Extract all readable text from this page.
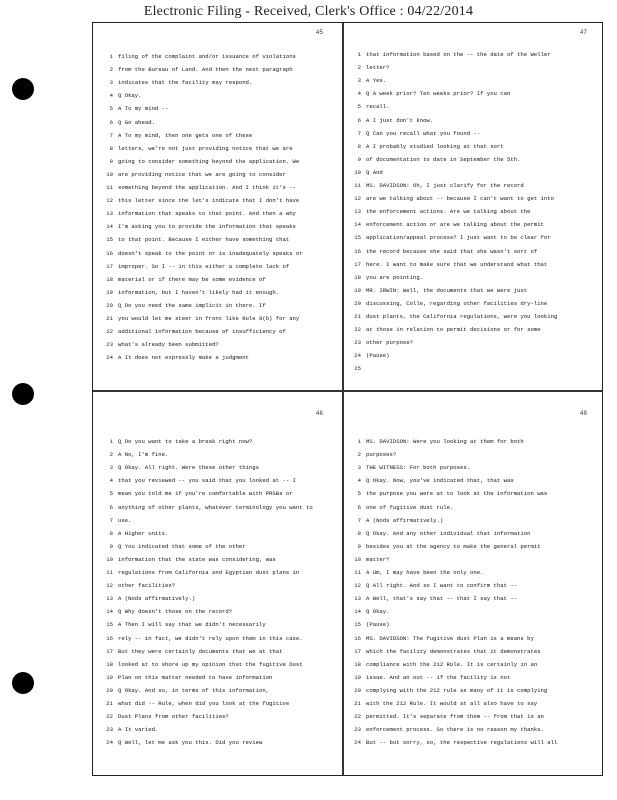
Electronic Filing - Received, Clerk's Office : 04/22/2014
45
1 filing of the complaint and/or issuance of violations
2 from the Bureau of Land. And then the next paragraph
3 indicates that the facility may respond.
4 Q Okay.
5 A To my mind --
6 Q Go ahead.
7 A To my mind, then one gets one of these
8 letters, we're not just providing notice that we are
9 going to consider something beyond the application. We
10 are providing notice that we are going to consider
11 something beyond the application. And I think it's --
12 this letter since the let's indicate that I don't have
13 information that speaks to that point. And then a why
14 I'm asking you to provide the information that speaks
15 to that point. Because I either have something that
16 doesn't speak to the point or is inadequately speaks or
17 improper. So I -- in this either a complete lack of
18 material or if there may be some evidence of
19 information, but I haven't likely had it enough.
20 Q Do you need the same implicit in there. If
21 you would let me steer in front like Rule 8(b) for any
22 additional information because of insufficiency of
23 what's already been submitted?
24 A It does not expressly make a judgment
47
1 that information based on the -- the date of the Weller
2 letter?
3 A Yes.
4 Q A week prior? Ten weeks prior? If you can
5 recall.
6 A I just don't know.
7 Q Can you recall what you found --
8 A I probably studied looking at that sort
9 of documentation to date in September the 5th.
10 Q And
11 MS. DAVIDSON: Oh, I just clarify for the record
12 are we talking about -- because I can't want to get into
13 the enforcement actions. Are we talking about the
14 enforcement action or are we talking about the permit
15 application/appeal process? I just want to be clear for
16 the record because she said that she wasn't sort of
17 here. I want to make sure that we understand what that
18 you are pointing.
19 MR. IRWIN: Well, the documents that we were just
20 discussing, Colle, regarding other facilities dry-line
21 dust plants, the California regulations, were you looking
22 at those in relation to permit decisions or for some
23 other purpose?
24 (Pause)
25
46
1 Q Do you want to take a break right now?
2 A No, I'm fine.
3 Q Okay. All right. Were these other things
4 that you reviewed -- you said that you looked at -- I
5 mean you told me if you're comfortable with PRSBs or
6 anything of other plants, whatever terminology you want to
7 use.
8 A Higher units.
9 Q You indicated that some of the other
10 information that the state was considering, was
11 regulations from California and Egyptian dust plans in
12 other facilities?
13 A (Nods affirmatively.)
14 Q Why doesn't those on the record?
15 A Then I will say that we didn't necessarily
16 rely -- in fact, we didn't rely upon them in this case.
17 But they were certainly documents that we at that
18 looked at to shore up my opinion that the fugitive Dust
19 Plan on this matter needed to have information
20 Q Okay. And so, in terms of this information,
21 what did -- Rule, when did you look at the fugitive
22 Dust Plans from other facilities?
23 A It varied.
24 Q Well, let me ask you this. Did you review
48
1 MS. DAVIDSON: Were you looking at them for both
2 purposes?
3 THE WITNESS: For both purposes.
4 Q Okay. Now, you've indicated that, that was
5 the purpose you were at to look at the information was
6 one of fugitive dust rule.
7 A (Nods affirmatively.)
8 Q Okay. And any other individual that information
9 besides you at the agency to make the general permit
10 matter?
11 A Um, I may have been the only one.
12 Q All right. And so I want to confirm that --
13 A Well, that's say that -- that I say that --
14 Q Okay.
15 (Pause)
16 MS. DAVIDSON: The fugitive dust Plan is a means by
17 which the facility demonstrates that it demonstrates
18 compliance with the 212 Rule. It is certainly in an
19 issue. And an out -- if the facility is not
20 complying with the 212 rule as many of it is complying
21 with the 212 Rule. It would at all also have to say
22 permitted. It's separate from them -- from that is an
23 enforcement process. So there is no reason my thanks.
24 But -- but sorry, so, the respective regulations will all
